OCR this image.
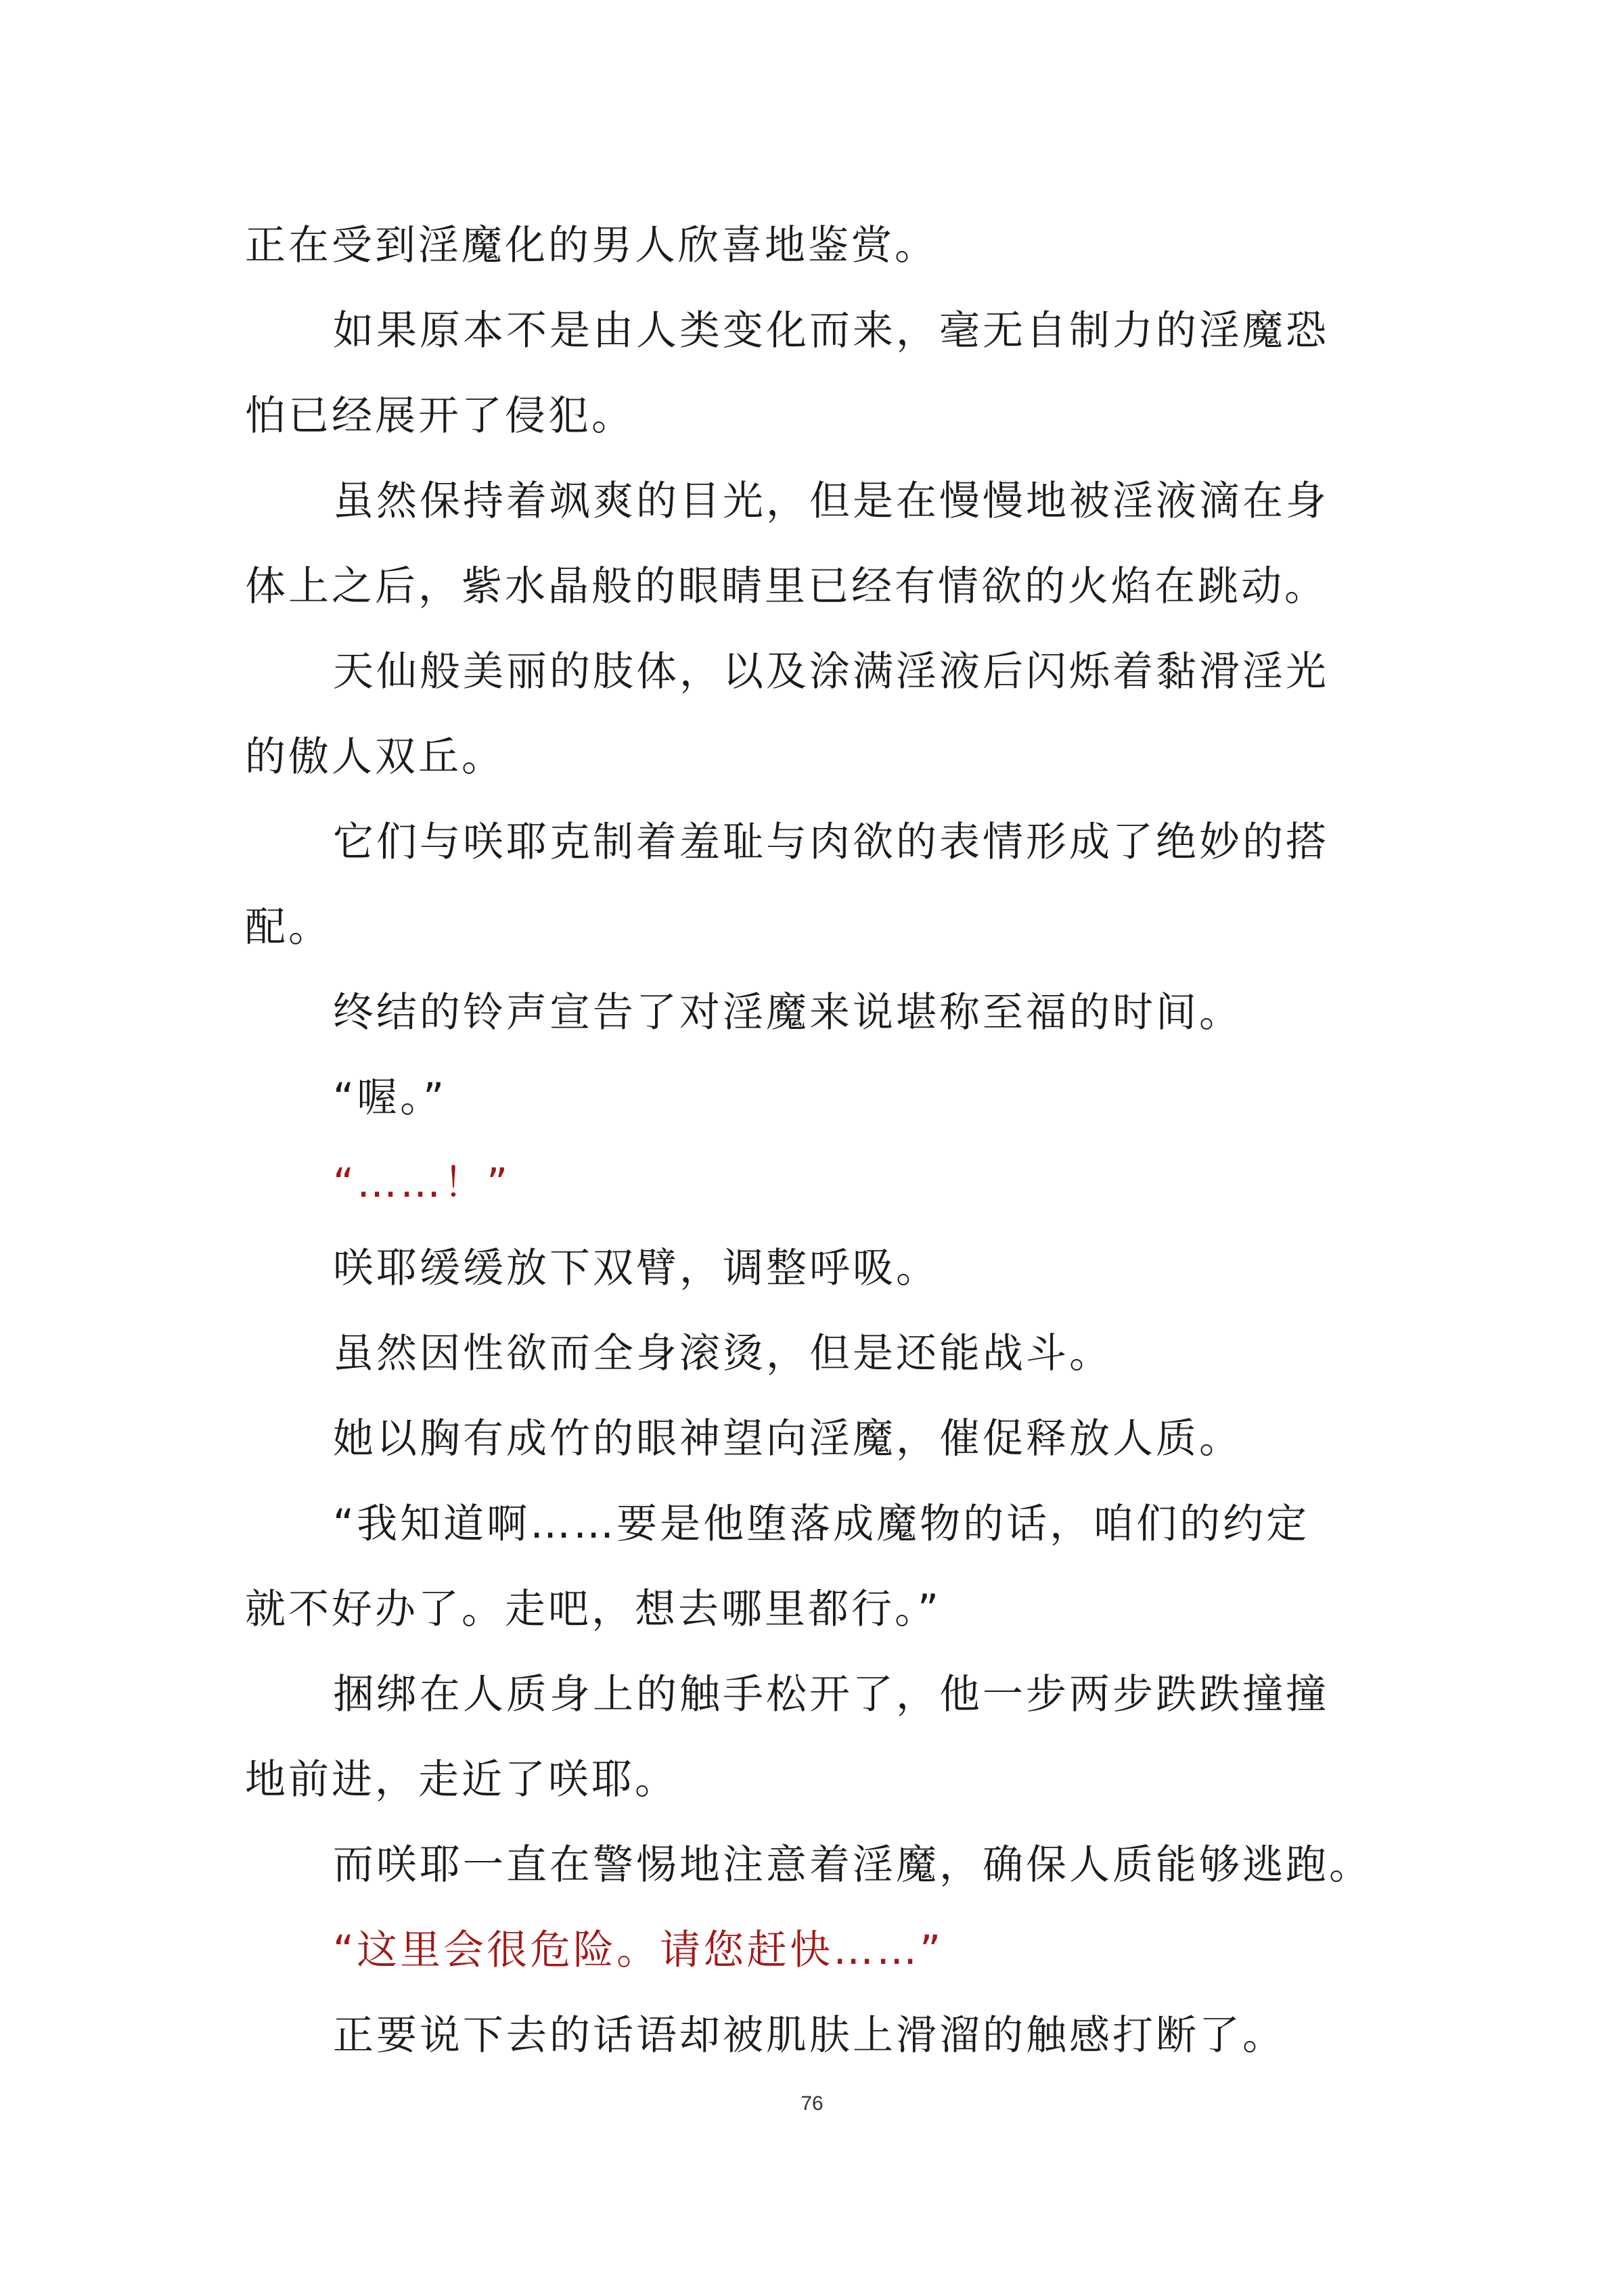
正在受到淫魔化的男人欣喜地鉴赏。
如果原本不是由人类变化而来，毫无自制力的淫魔恐
怕已经展开了侵犯。
虽然保持着飒爽的目光，但是在慢慢地被淫液滴在身
体上之后，紫水晶般的眼睛里已经有情欲的火焰在跳动。
天仙般美丽的肢体，以及涂满淫液后闪烁着黏滑淫光
的傲人双丘。
它们与咲耶克制着羞耻与肉欲的表情形成了绝妙的搭
配。
终结的铃声宣告了对淫魔来说堪称至福的时间。
“喔。”
“……！”
咲耶缓缓放下双臂，调整呼吸。
虽然因性欲而全身滚烫，但是还能战斗。
她以胸有成竹的眼神望向淫魔，催促释放人质。
“我知道啊……要是他堕落成魔物的话，咱们的约定
就不好办了。走吧，想去哪里都行。”
捆绑在人质身上的触手松开了，他一步两步跌跌撞撞
地前进，走近了咲耶。
而咲耶一直在警惕地注意着淫魔，确保人质能够逃跑。
“这里会很危险。请您赶快……”
正要说下去的话语却被肌肤上滑溜的触感打断了。
76
